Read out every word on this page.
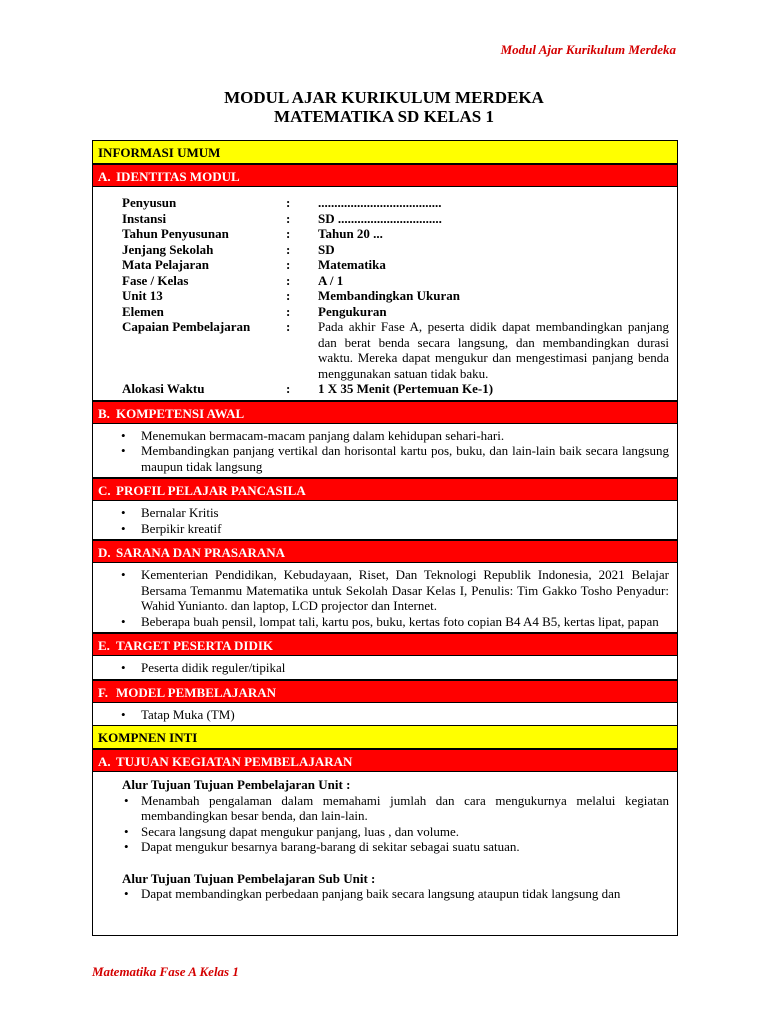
Modul Ajar Kurikulum Merdeka
MODUL AJAR KURIKULUM MERDEKA
MATEMATIKA SD KELAS 1
INFORMASI UMUM
A. IDENTITAS MODUL
Penyusun	:	......................................
Instansi	:	SD ................................
Tahun Penyusunan	:	Tahun 20 ...
Jenjang Sekolah	:	SD
Mata Pelajaran	:	Matematika
Fase / Kelas	:	A / 1
Unit 13	:	Membandingkan Ukuran
Elemen	:	Pengukuran
Capaian Pembelajaran	:	Pada akhir Fase A, peserta didik dapat membandingkan panjang dan berat benda secara langsung, dan membandingkan durasi waktu. Mereka dapat mengukur dan mengestimasi panjang benda menggunakan satuan tidak baku.
Alokasi Waktu	:	1 X 35 Menit (Pertemuan Ke-1)
B. KOMPETENSI AWAL
• Menemukan bermacam-macam panjang dalam kehidupan sehari-hari.
• Membandingkan panjang vertikal dan horisontal kartu pos, buku, dan lain-lain baik secara langsung maupun tidak langsung
C. PROFIL PELAJAR PANCASILA
• Bernalar Kritis
• Berpikir kreatif
D. SARANA DAN PRASARANA
• Kementerian Pendidikan, Kebudayaan, Riset, Dan Teknologi Republik Indonesia, 2021 Belajar Bersama Temanmu Matematika untuk Sekolah Dasar Kelas I, Penulis: Tim Gakko Tosho Penyadur: Wahid Yunianto. dan laptop, LCD projector dan Internet.
• Beberapa buah pensil, lompat tali, kartu pos, buku, kertas foto copian B4 A4 B5, kertas lipat, papan
E. TARGET PESERTA DIDIK
• Peserta didik reguler/tipikal
F. MODEL PEMBELAJARAN
• Tatap Muka (TM)
KOMPNEN INTI
A. TUJUAN KEGIATAN PEMBELAJARAN
Alur Tujuan Tujuan Pembelajaran Unit :
• Menambah pengalaman dalam memahami jumlah dan cara mengukurnya melalui kegiatan membandingkan besar benda, dan lain-lain.
• Secara langsung dapat mengukur panjang, luas , dan volume.
• Dapat mengukur besarnya barang-barang di sekitar sebagai suatu satuan.
Alur Tujuan Tujuan Pembelajaran Sub Unit :
• Dapat membandingkan perbedaan panjang baik secara langsung ataupun tidak langsung dan
Matematika Fase A Kelas 1
